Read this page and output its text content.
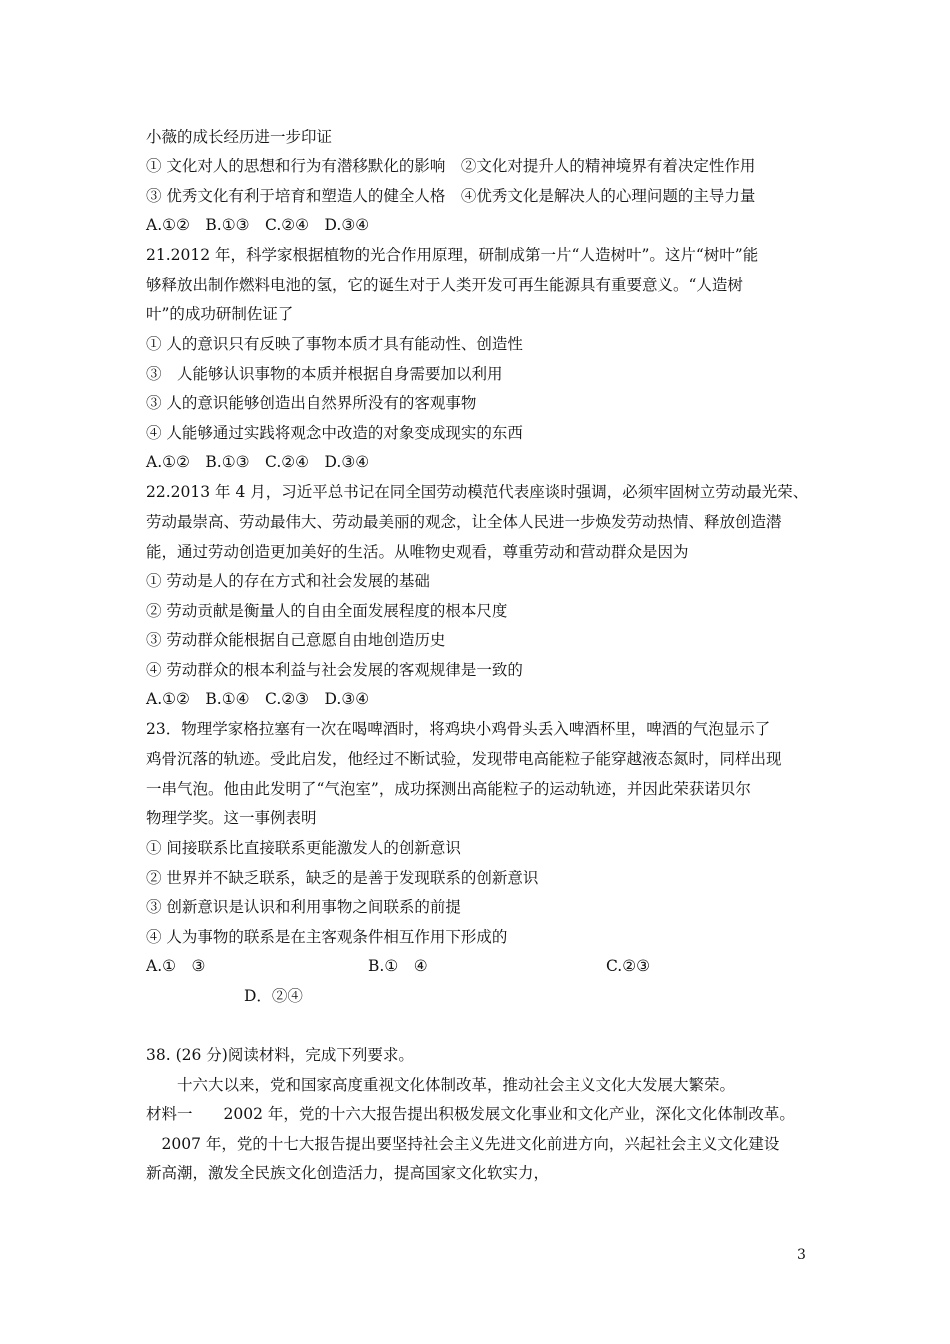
小薇的成长经历进一步印证
① 文化对人的思想和行为有潜移默化的影响　②文化对提升人的精神境界有着决定性作用
③ 优秀文化有利于培育和塑造人的健全人格　④优秀文化是解决人的心理问题的主导力量
A.①②　B.①③　C.②④　D.③④
21.2012 年，科学家根据植物的光合作用原理，研制成第一片“人造树叶”。这片“树叶”能
够释放出制作燃料电池的氢，它的诞生对于人类开发可再生能源具有重要意义。“人造树
叶”的成功研制佐证了
① 人的意识只有反映了事物本质才具有能动性、创造性
③　人能够认识事物的本质并根据自身需要加以利用
③ 人的意识能够创造出自然界所没有的客观事物
④ 人能够通过实践将观念中改造的对象变成现实的东西
A.①②　B.①③　C.②④　D.③④
22.2013 年 4 月，习近平总书记在同全国劳动模范代表座谈时强调，必须牢固树立劳动最光荣、
劳动最崇高、劳动最伟大、劳动最美丽的观念，让全体人民进一步焕发劳动热情、释放创造潜
能，通过劳动创造更加美好的生活。从唯物史观看，尊重劳动和营动群众是因为
① 劳动是人的存在方式和社会发展的基础
② 劳动贡献是衡量人的自由全面发展程度的根本尺度
③ 劳动群众能根据自己意愿自由地创造历史
④ 劳动群众的根本利益与社会发展的客观规律是一致的
A.①②　B.①④　C.②③　D.③④
23．物理学家格拉塞有一次在喝啤酒时，将鸡块小鸡骨头丢入啤酒杯里，啤酒的气泡显示了
鸡骨沉落的轨迹。受此启发，他经过不断试验，发现带电高能粒子能穿越液态氮时，同样出现
一串气泡。他由此发明了“气泡室”，成功探测出高能粒子的运动轨迹，并因此荣获诺贝尔
物理学奖。这一事例表明
① 间接联系比直接联系更能激发人的创新意识
② 世界并不缺乏联系，缺乏的是善于发现联系的创新意识
③ 创新意识是认识和利用事物之间联系的前提
④ 人为事物的联系是在主客观条件相互作用下形成的
A.①　③	B.①　④	C.②③
D．②④
38. (26 分)阅读材料，完成下列要求。
　　十六大以来，党和国家高度重视文化体制改革，推动社会主义文化大发展大繁荣。
材料一　　2002 年，党的十六大报告提出积极发展文化事业和文化产业，深化文化体制改革。
　2007 年，党的十七大报告提出要坚持社会主义先进文化前进方向，兴起社会主义文化建设
新高潮，激发全民族文化创造活力，提高国家文化软实力，
3
